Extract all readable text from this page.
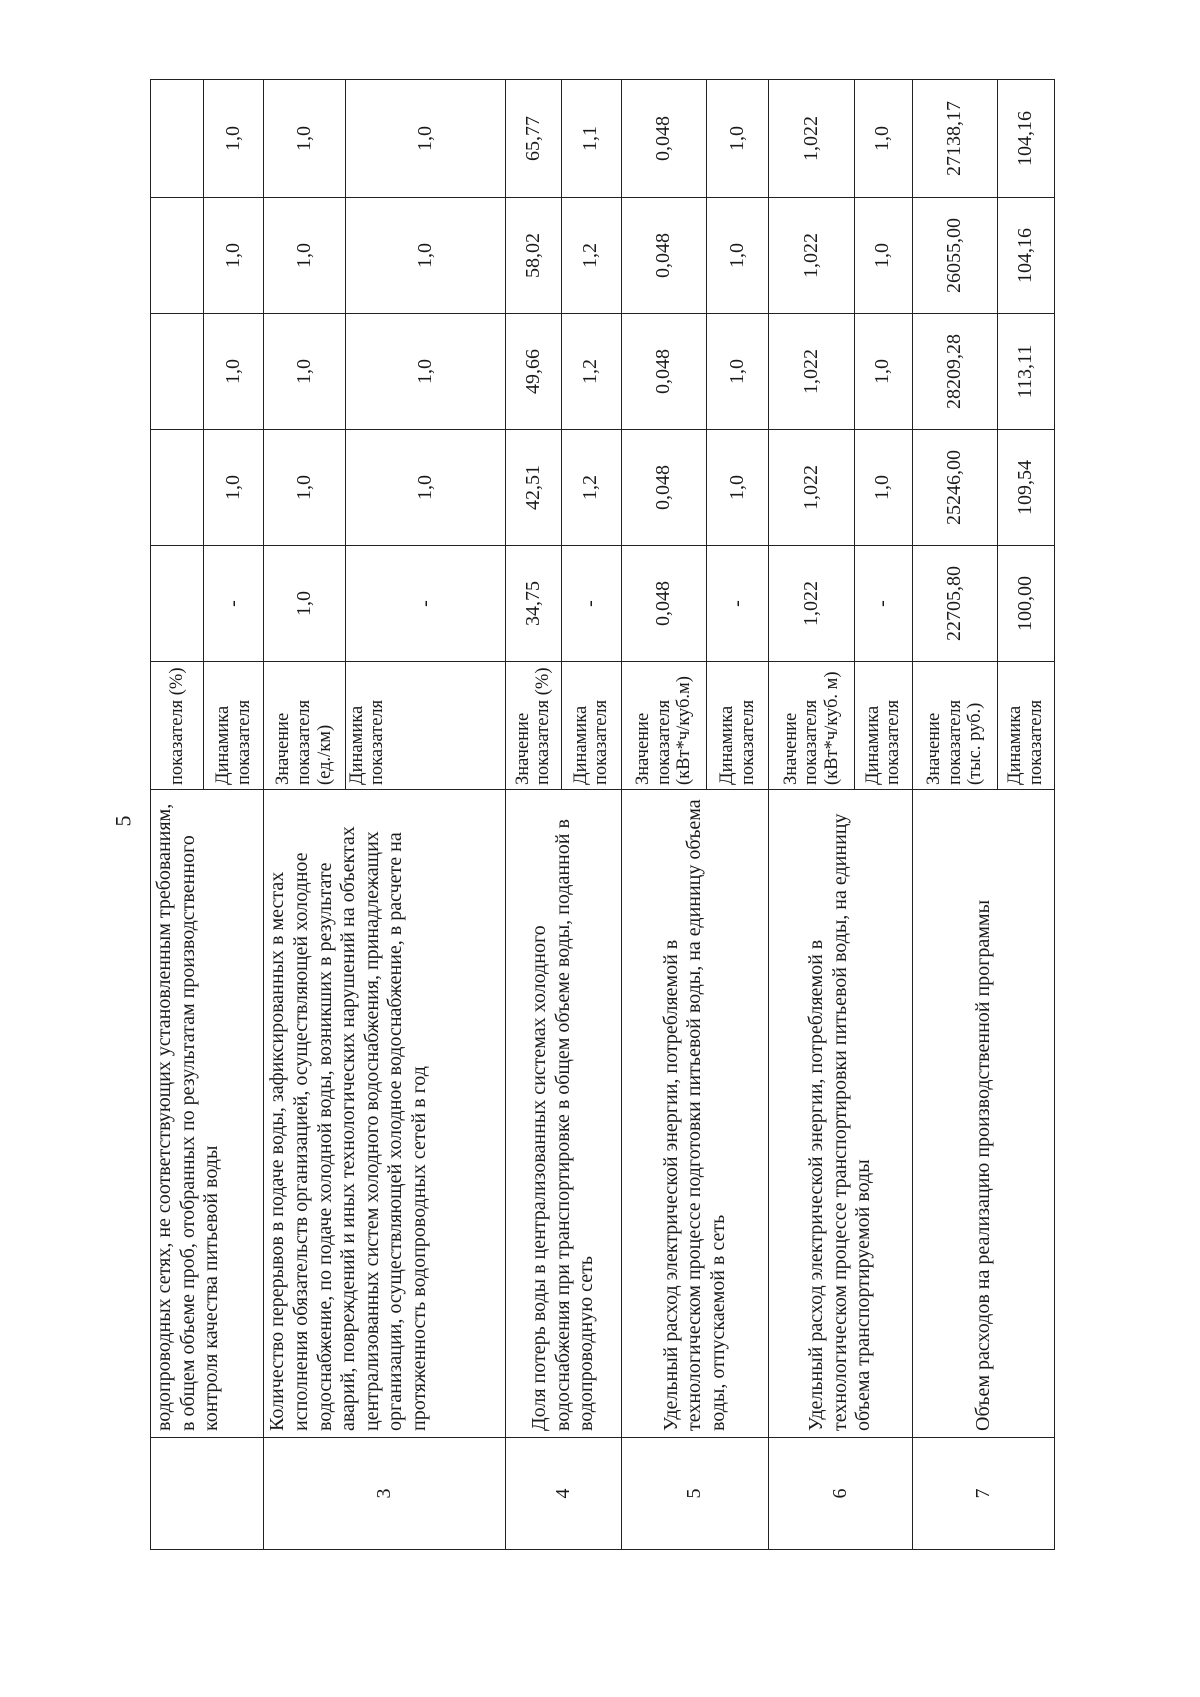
5
	водопроводных сетях, не соответствующих установленным требованиям, в общем объеме проб, отобранных по результатам производственного контроля качества питьевой воды	показателя (%)					
		Динамика показателя	-	1,0	1,0	1,0	1,0
3	Количество перерывов в подаче воды, зафиксированных в местах исполнения обязательств организацией, осуществляющей холодное водоснабжение, по подаче холодной воды, возникших в результате аварий, повреждений и иных технологических нарушений на объектах централизованных систем холодного водоснабжения, принадлежащих организации, осуществляющей холодное водоснабжение, в расчете на протяженность водопроводных сетей в год	Значение показателя (ед./км)	1,0	1,0	1,0	1,0	1,0
		Динамика показателя	-	1,0	1,0	1,0	1,0
4	Доля потерь воды в централизованных системах холодного водоснабжения при транспортировке в общем объеме воды, поданной в водопроводную сеть	Значение показателя (%)	34,75	42,51	49,66	58,02	65,77
		Динамика показателя	-	1,2	1,2	1,2	1,1
5	Удельный расход электрической энергии, потребляемой в технологическом процессе подготовки питьевой воды, на единицу объема воды, отпускаемой в сеть	Значение показателя (кВт*ч/куб.м)	0,048	0,048	0,048	0,048	0,048
		Динамика показателя	-	1,0	1,0	1,0	1,0
6	Удельный расход электрической энергии, потребляемой в технологическом процессе транспортировки питьевой воды, на единицу объема транспортируемой воды	Значение показателя (кВт*ч/куб. м)	1,022	1,022	1,022	1,022	1,022
		Динамика показателя	-	1,0	1,0	1,0	1,0
7	Объем расходов на реализацию производственной программы	Значение показателя (тыс. руб.)	22705,80	25246,00	28209,28	26055,00	27138,17
		Динамика показателя	100,00	109,54	113,11	104,16	104,16
